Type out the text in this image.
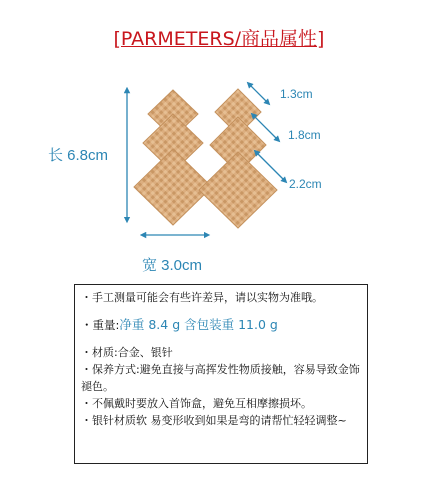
[PARMETERS/商品属性]
长 6.8cm
宽 3.0cm
1.3cm
1.8cm
2.2cm

・手工测量可能会有些许差异，请以实物为准哦。

・重量:净重 8.4 g 含包装重 11.0 g

・材质:合金、银针

・保养方式:避免直接与高挥发性物质接触，容易导致金饰褪色。

・不佩戴时要放入首饰盒，避免互相摩擦损坏。

・银针材质软 易变形收到如果是弯的请帮忙轻轻调整~
